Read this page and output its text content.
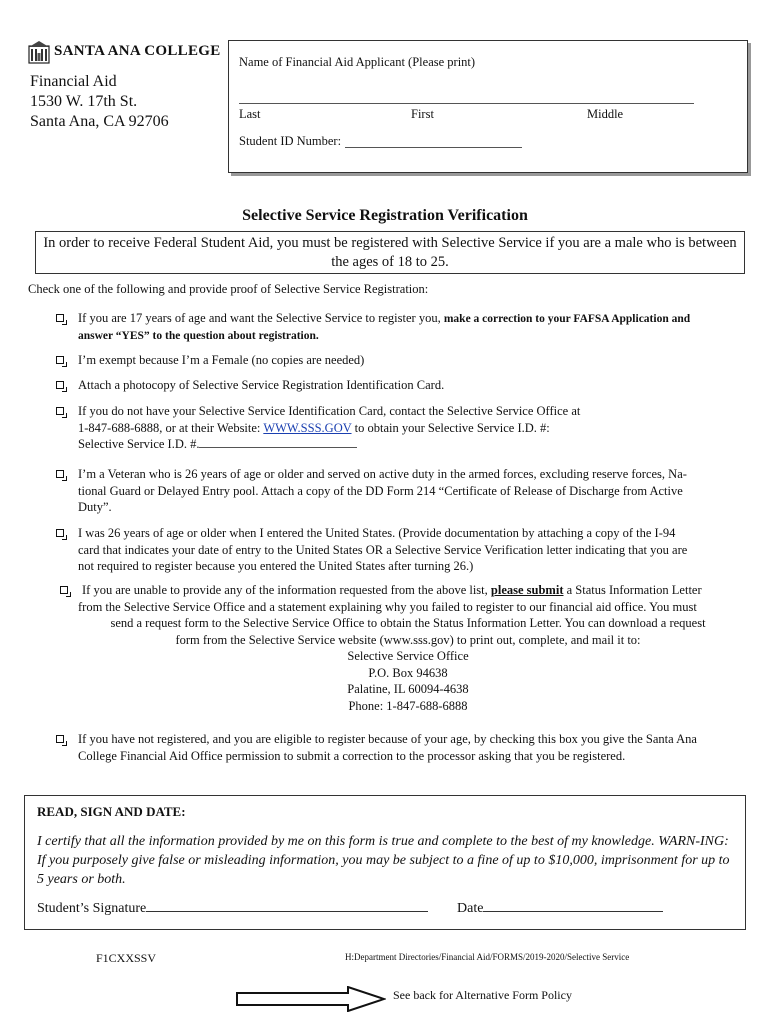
SANTA ANA COLLEGE
Financial Aid
1530 W. 17th St.
Santa Ana, CA 92706
Name of Financial Aid Applicant (Please print)
Last	First	Middle
Student ID Number:
Selective Service Registration Verification
In order to receive Federal Student Aid, you must be registered with Selective Service if you are a male who is between the ages of 18 to 25.
Check one of the following and provide proof of Selective Service Registration:
If you are 17 years of age and want the Selective Service to register you, make a correction to your FAFSA Application and
answer “YES” to the question about registration.
I’m exempt because I’m a Female (no copies are needed)
Attach a photocopy of Selective Service Registration Identification Card.
If you do not have your Selective Service Identification Card, contact the Selective Service Office at
1-847-688-6888, or at their Website: WWW.SSS.GOV to obtain your Selective Service I.D. #:
Selective Service I.D. #.
I’m a Veteran who is 26 years of age or older and served on active duty in the armed forces, excluding reserve forces, Na-
tional Guard or Delayed Entry pool. Attach a copy of the DD Form 214 “Certificate of Release of Discharge from Active
Duty”.
I was 26 years of age or older when I entered the United States. (Provide documentation by attaching a copy of the I-94
card that indicates your date of entry to the United States OR a Selective Service Verification letter indicating that you are
not required to register because you entered the United States after turning 26.)
If you are unable to provide any of the information requested from the above list, please submit a Status Information Letter
from the Selective Service Office and a statement explaining why you failed to register to our financial aid office. You must
send a request form to the Selective Service Office to obtain the Status Information Letter. You can download a request
form from the Selective Service website (www.sss.gov) to print out, complete, and mail it to:
Selective Service Office
P.O. Box 94638
Palatine, IL 60094-4638
Phone: 1-847-688-6888
If you have not registered, and you are eligible to register because of your age, by checking this box you give the Santa Ana
College Financial Aid Office permission to submit a correction to the processor asking that you be registered.
READ, SIGN AND DATE:
I certify that all the information provided by me on this form is true and complete to the best of my knowledge. WARN-ING: If you purposely give false or misleading information, you may be subject to a fine of up to $10,000, imprisonment for up to 5 years or both.
Student’s Signature	Date
F1CXXSSV	H:Department Directories/Financial Aid/FORMS/2019-2020/Selective Service
See back for Alternative Form Policy
